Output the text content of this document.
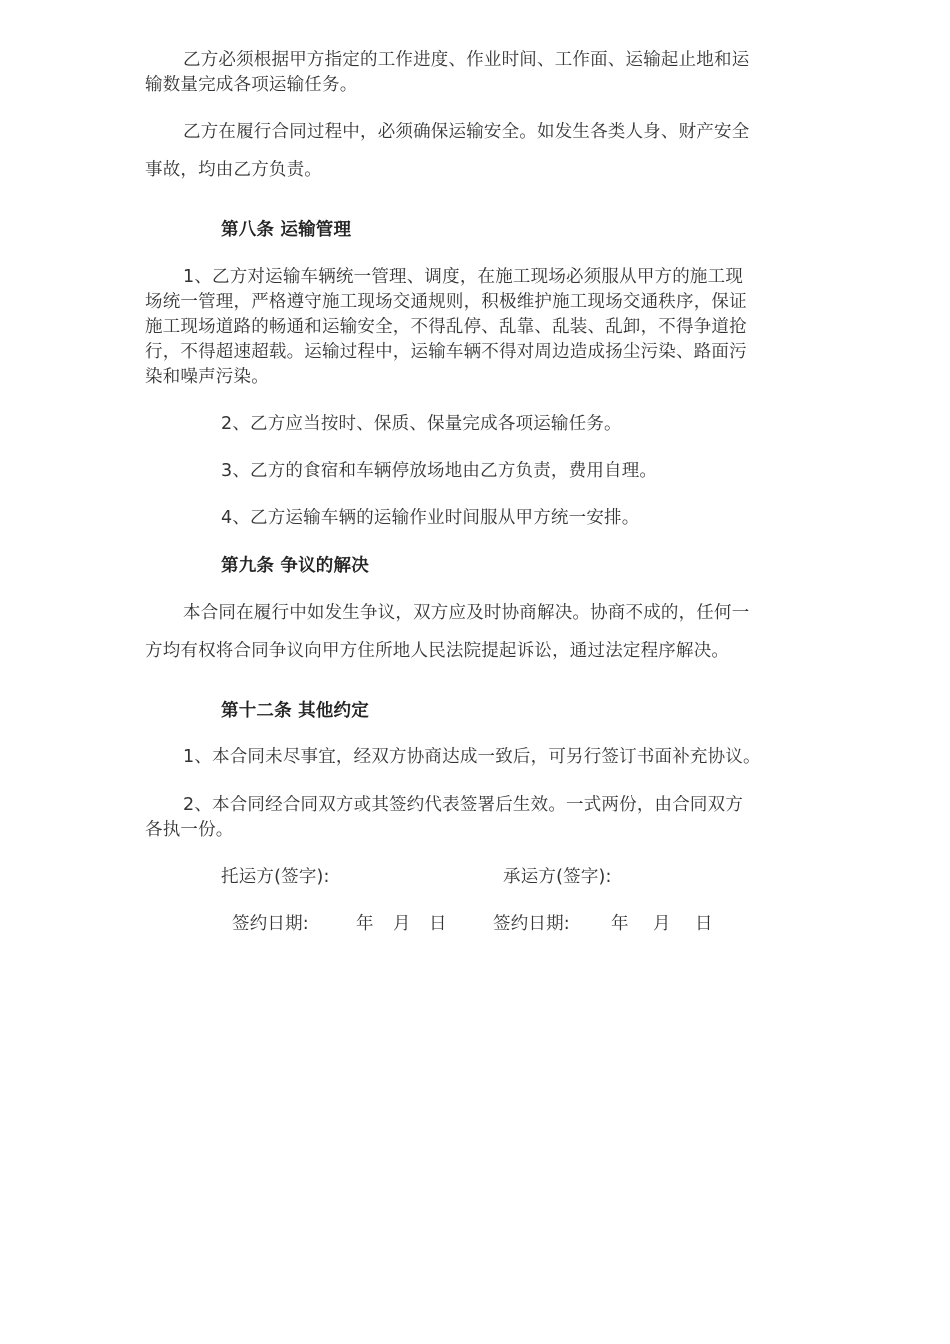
乙方必须根据甲方指定的工作进度、作业时间、工作面、运输起止地和运
输数量完成各项运输任务。
乙方在履行合同过程中，必须确保运输安全。如发生各类人身、财产安全
事故，均由乙方负责。
第八条 运输管理
1、乙方对运输车辆统一管理、调度，在施工现场必须服从甲方的施工现
场统一管理，严格遵守施工现场交通规则，积极维护施工现场交通秩序，保证
施工现场道路的畅通和运输安全，不得乱停、乱靠、乱装、乱卸，不得争道抢
行，不得超速超载。运输过程中，运输车辆不得对周边造成扬尘污染、路面污
染和噪声污染。
2、乙方应当按时、保质、保量完成各项运输任务。
3、乙方的食宿和车辆停放场地由乙方负责，费用自理。
4、乙方运输车辆的运输作业时间服从甲方统一安排。
第九条 争议的解决
本合同在履行中如发生争议，双方应及时协商解决。协商不成的，任何一
方均有权将合同争议向甲方住所地人民法院提起诉讼，通过法定程序解决。
第十二条 其他约定
1、本合同未尽事宜，经双方协商达成一致后，可另行签订书面补充协议。
2、本合同经合同双方或其签约代表签署后生效。一式两份，由合同双方
各执一份。
托运方(签字):	承运方(签字):
签约日期:	年 月 日	签约日期: 年 月 日
